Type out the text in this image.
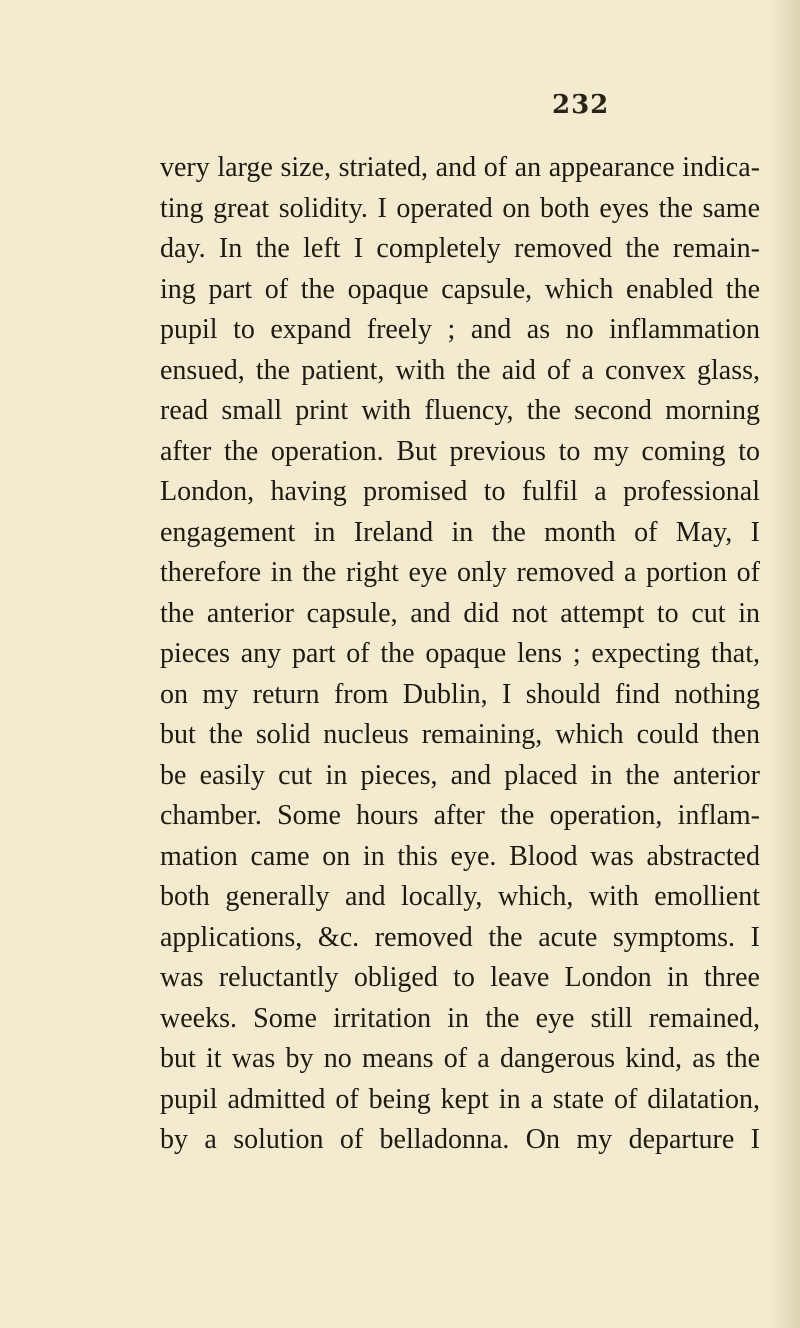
232
very large size, striated, and of an appearance indica-
ting great solidity. I operated on both eyes the same
day. In the left I completely removed the remain-
ing part of the opaque capsule, which enabled the
pupil to expand freely ; and as no inflammation
ensued, the patient, with the aid of a convex glass,
read small print with fluency, the second morning
after the operation. But previous to my coming to
London, having promised to fulfil a professional
engagement in Ireland in the month of May, I
therefore in the right eye only removed a portion of
the anterior capsule, and did not attempt to cut in
pieces any part of the opaque lens ; expecting that,
on my return from Dublin, I should find nothing
but the solid nucleus remaining, which could then
be easily cut in pieces, and placed in the anterior
chamber. Some hours after the operation, inflam-
mation came on in this eye. Blood was abstracted
both generally and locally, which, with emollient
applications, &c. removed the acute symptoms. I
was reluctantly obliged to leave London in three
weeks. Some irritation in the eye still remained,
but it was by no means of a dangerous kind, as the
pupil admitted of being kept in a state of dilatation,
by a solution of belladonna. On my departure I
